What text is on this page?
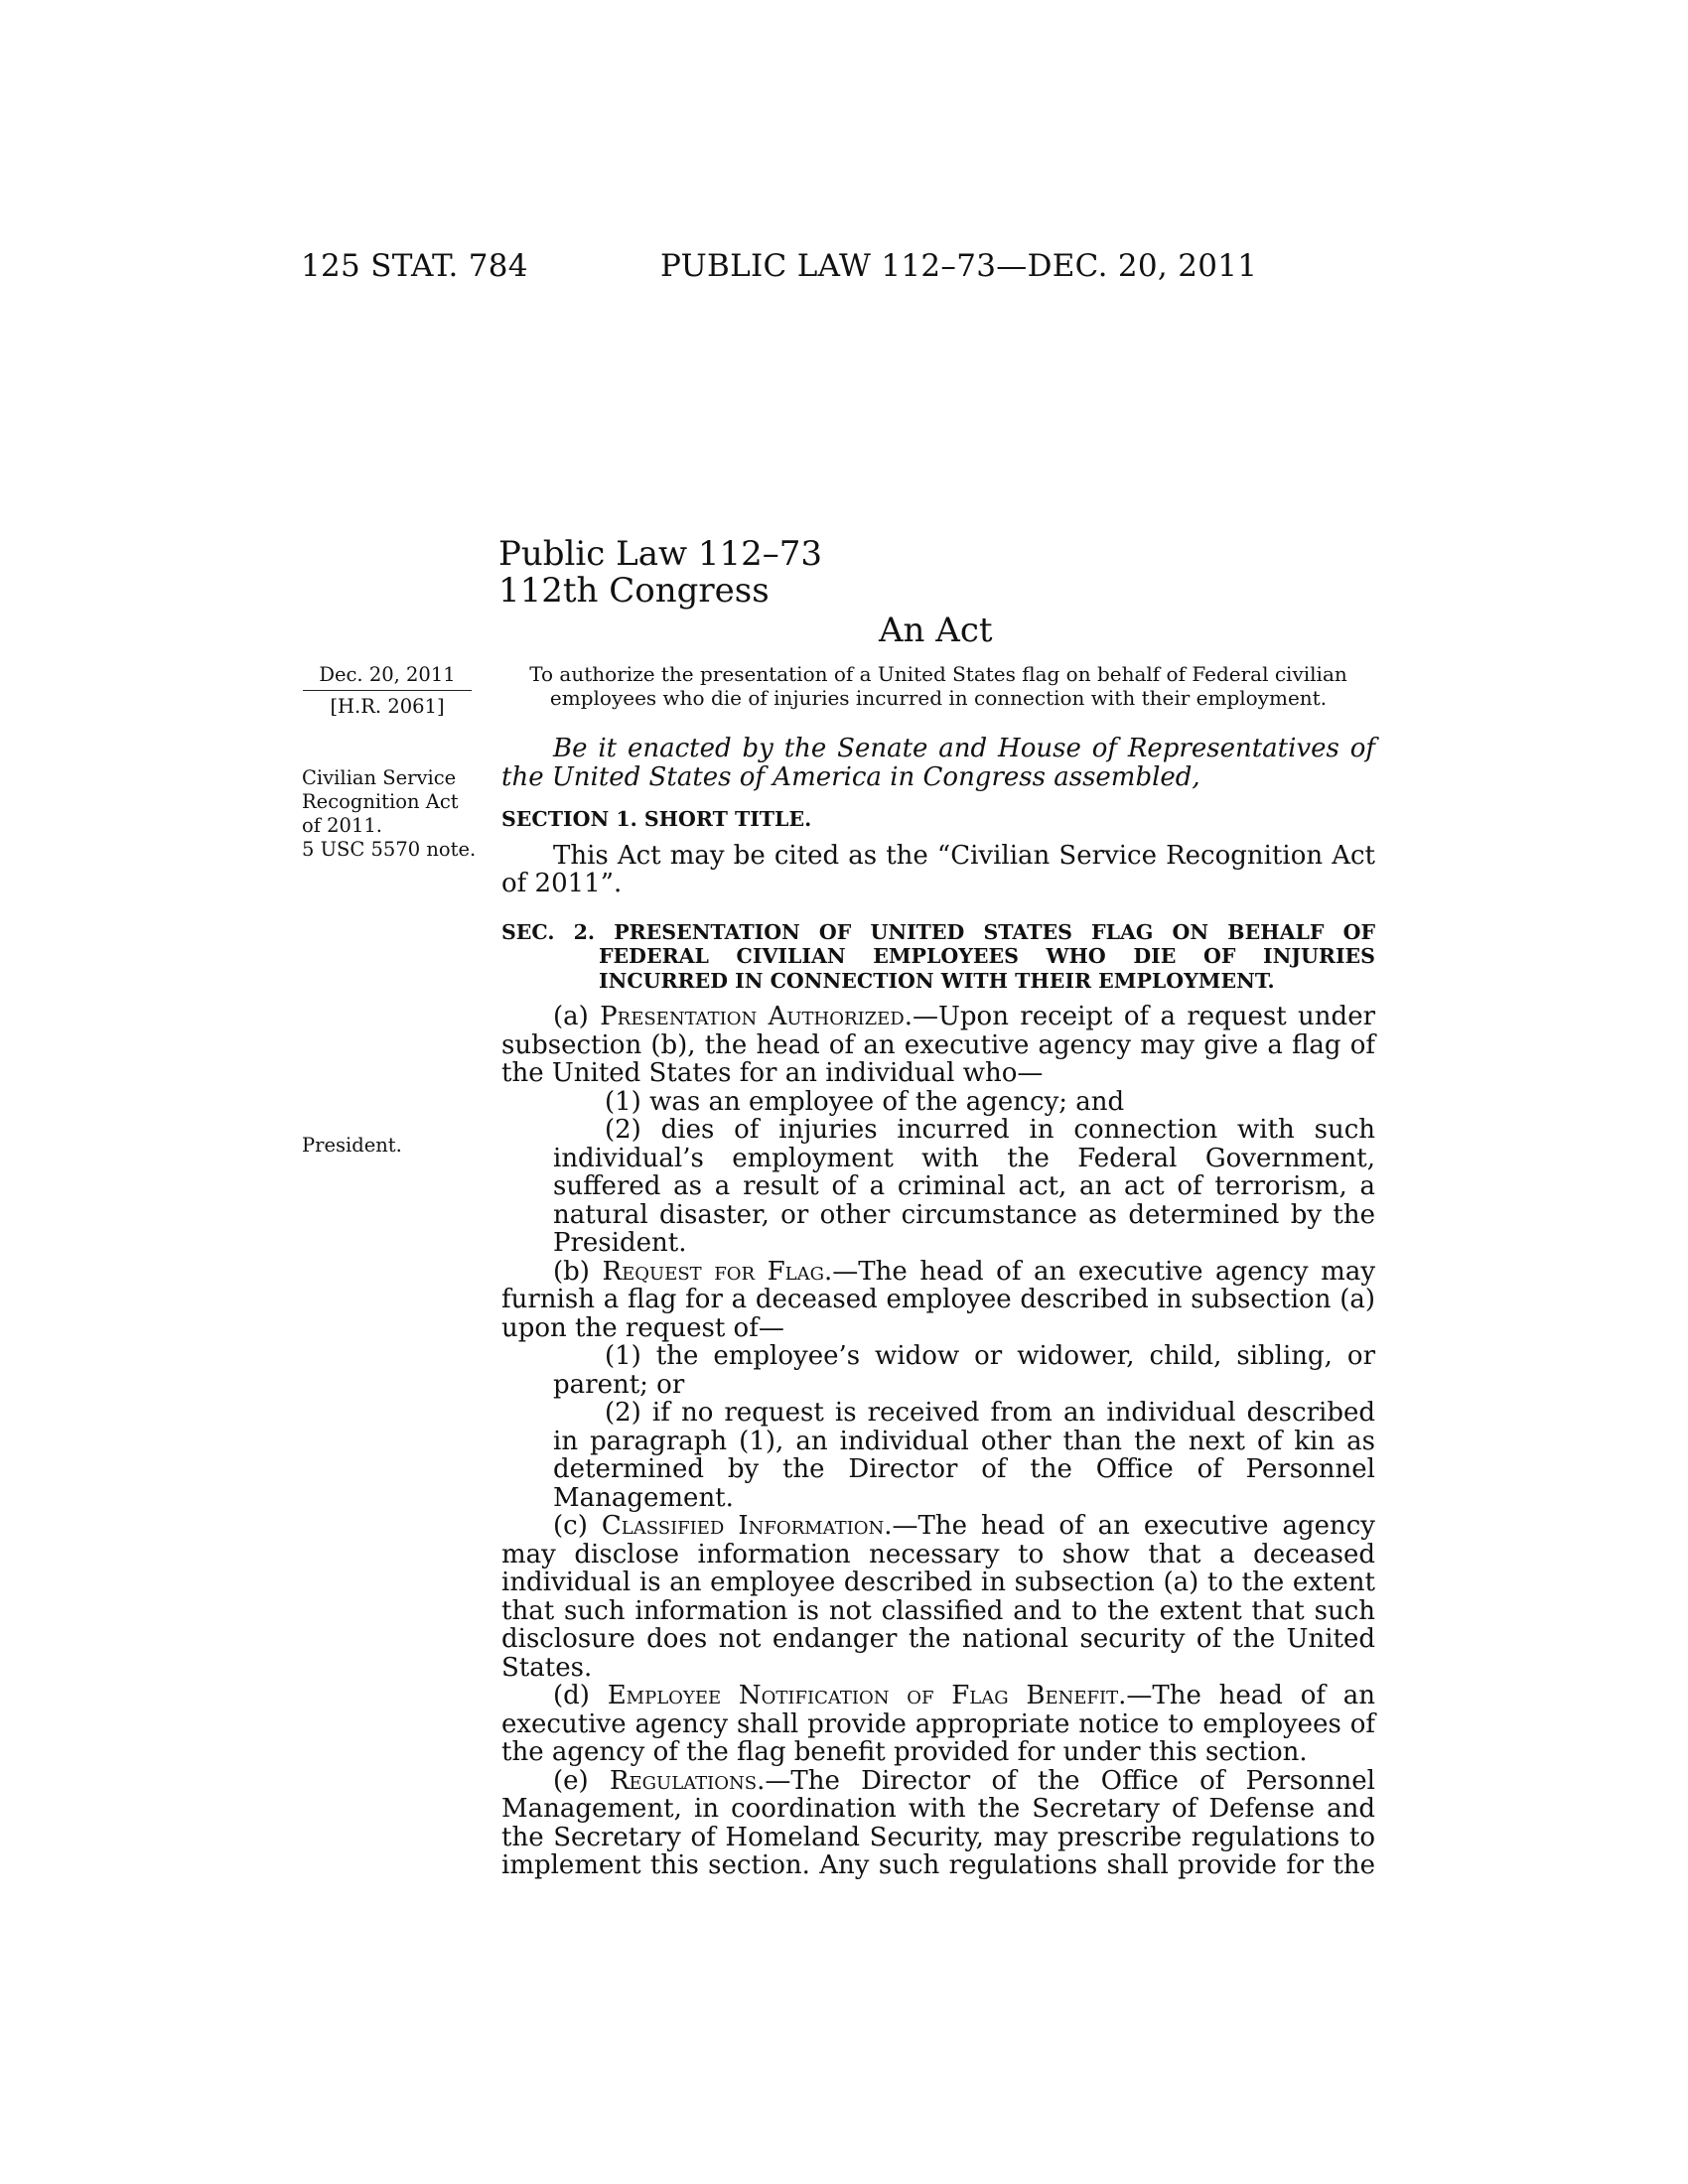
125 STAT. 784	PUBLIC LAW 112–73—DEC. 20, 2011
Public Law 112–73
112th Congress
An Act
Dec. 20, 2011
[H.R. 2061]
Civilian Service
Recognition Act
of 2011.
5 USC 5570 note.
President.
To authorize the presentation of a United States flag on behalf of Federal civilian employees who die of injuries incurred in connection with their employment.

Be it enacted by the Senate and House of Representatives of the United States of America in Congress assembled,

SECTION 1. SHORT TITLE.

This Act may be cited as the “Civilian Service Recognition Act of 2011”.

SEC. 2. PRESENTATION OF UNITED STATES FLAG ON BEHALF OF FEDERAL CIVILIAN EMPLOYEES WHO DIE OF INJURIES INCURRED IN CONNECTION WITH THEIR EMPLOYMENT.

(a) Presentation Authorized.—Upon receipt of a request under subsection (b), the head of an executive agency may give a flag of the United States for an individual who—

(1) was an employee of the agency; and

(2) dies of injuries incurred in connection with such individual’s employment with the Federal Government, suffered as a result of a criminal act, an act of terrorism, a natural disaster, or other circumstance as determined by the President.

(b) Request for Flag.—The head of an executive agency may furnish a flag for a deceased employee described in subsection (a) upon the request of—

(1) the employee’s widow or widower, child, sibling, or parent; or

(2) if no request is received from an individual described in paragraph (1), an individual other than the next of kin as determined by the Director of the Office of Personnel Management.

(c) Classified Information.—The head of an executive agency may disclose information necessary to show that a deceased individual is an employee described in subsection (a) to the extent that such information is not classified and to the extent that such disclosure does not endanger the national security of the United States.

(d) Employee Notification of Flag Benefit.—The head of an executive agency shall provide appropriate notice to employees of the agency of the flag benefit provided for under this section.

(e) Regulations.—The Director of the Office of Personnel Management, in coordination with the Secretary of Defense and the Secretary of Homeland Security, may prescribe regulations to implement this section. Any such regulations shall provide for the
